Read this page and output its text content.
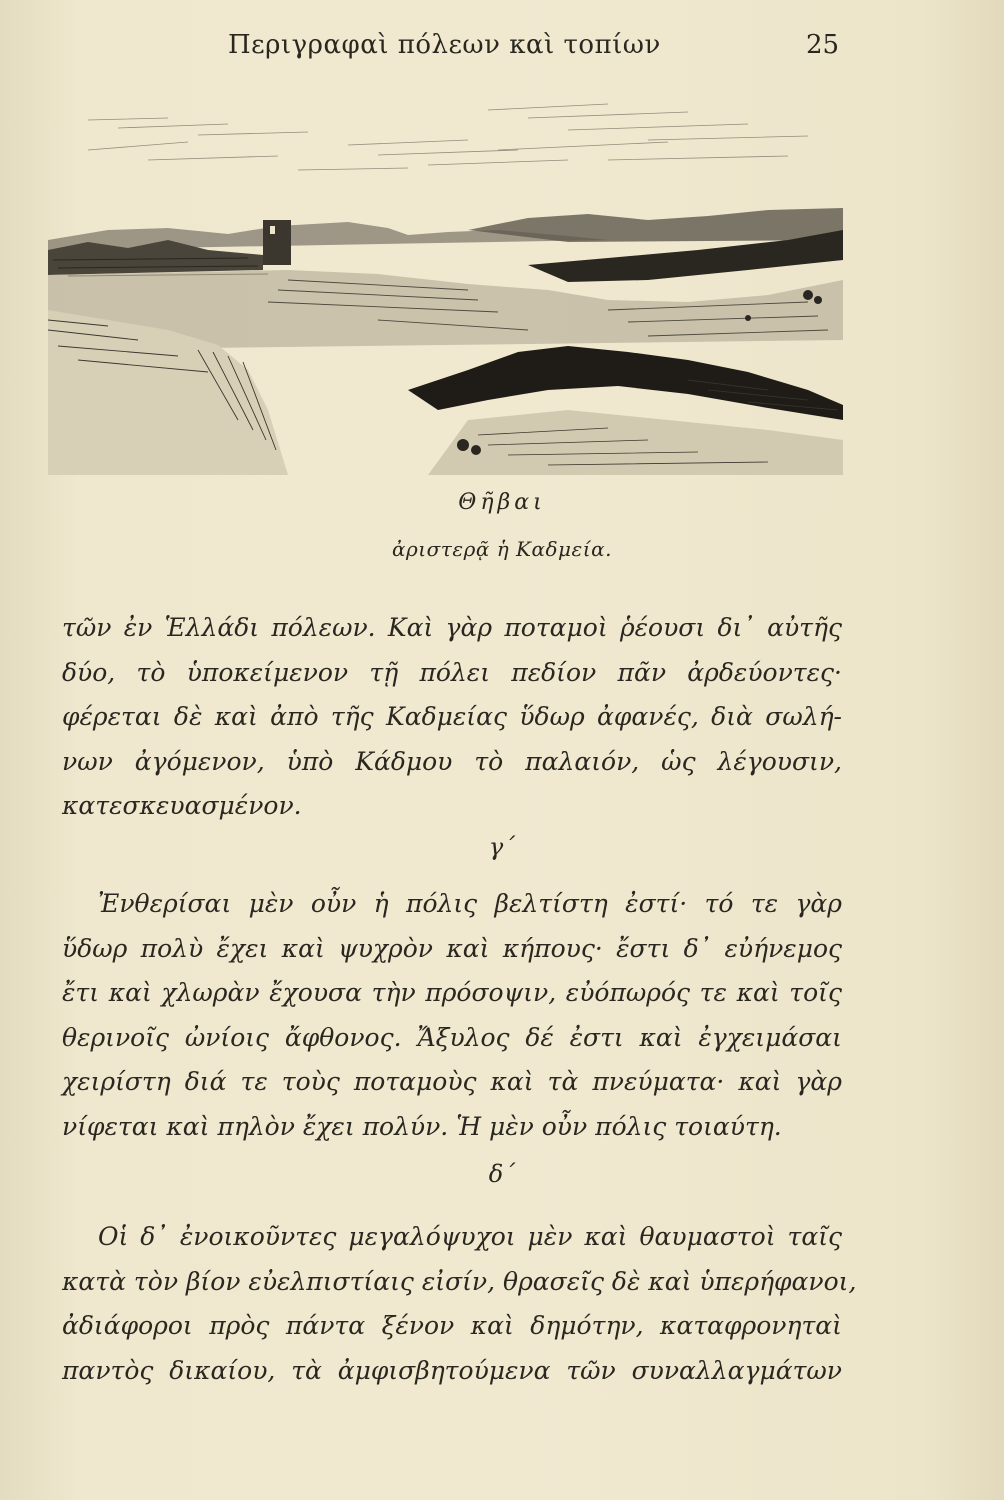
Περιγραφαὶ πόλεων καὶ τοπίων	25
Θῆβαι
ἀριστερᾷ ἡ Καδμεία.
τῶν ἐν Ἑλλάδι πόλεων. Καὶ γὰρ ποταμοὶ ῥέουσι δι᾽ αὐτῆς
δύο, τὸ ὑποκείμενον τῇ πόλει πεδίον πᾶν ἀρδεύοντες·
φέρεται δὲ καὶ ἀπὸ τῆς Καδμείας ὕδωρ ἀφανές, διὰ σωλή-
νων ἀγόμενον, ὑπὸ Κάδμου τὸ παλαιόν, ὡς λέγουσιν,
κατεσκευασμένον.
γ΄
Ἐνθερίσαι μὲν οὖν ἡ πόλις βελτίστη ἐστί· τό τε γὰρ
ὕδωρ πολὺ ἔχει καὶ ψυχρὸν καὶ κήπους· ἔστι δ᾽ εὐήνεμος
ἔτι καὶ χλωρὰν ἔχουσα τὴν πρόσοψιν, εὐόπωρός τε καὶ τοῖς
θερινοῖς ὠνίοις ἄφθονος. Ἄξυλος δέ ἐστι καὶ ἐγχειμάσαι
χειρίστη διά τε τοὺς ποταμοὺς καὶ τὰ πνεύματα· καὶ γὰρ
νίφεται καὶ πηλὸν ἔχει πολύν. Ἡ μὲν οὖν πόλις τοιαύτη.
δ΄
Οἱ δ᾽ ἐνοικοῦντες μεγαλόψυχοι μὲν καὶ θαυμαστοὶ ταῖς
κατὰ τὸν βίον εὐελπιστίαις εἰσίν, θρασεῖς δὲ καὶ ὑπερήφανοι,
ἀδιάφοροι πρὸς πάντα ξένον καὶ δημότην, καταφρονηταὶ
παντὸς δικαίου, τὰ ἀμφισβητούμενα τῶν συναλλαγμάτων
